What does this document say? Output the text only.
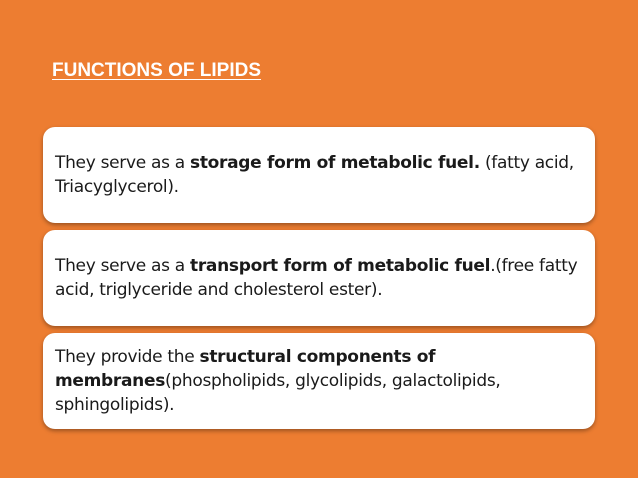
FUNCTIONS OF LIPIDS

They serve as a storage form of metabolic fuel. (fatty acid, Triacyglycerol).

They serve as a transport form of metabolic fuel.(free fatty acid, triglyceride and cholesterol ester).

They provide the structural components of membranes(phospholipids, glycolipids, galactolipids, sphingolipids).
